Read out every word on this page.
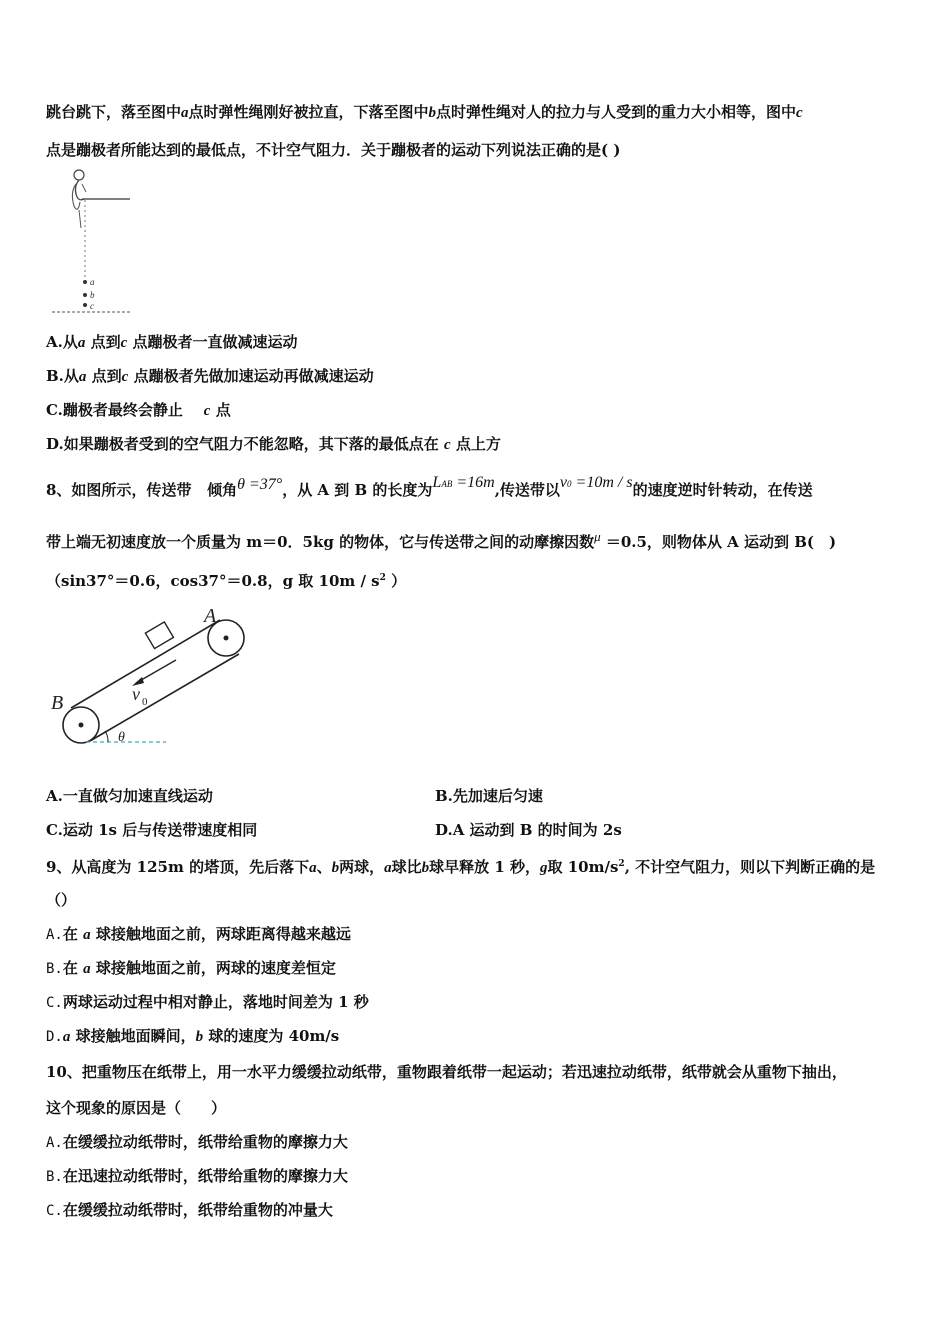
跳台跳下，落至图中a点时弹性绳刚好被拉直，下落至图中b点时弹性绳对人的拉力与人受到的重力大小相等，图中c
点是蹦极者所能达到的最低点，不计空气阻力．关于蹦极者的运动下列说法正确的是( )
a
b
c
A.从a 点到c 点蹦极者一直做减速运动
B.从a 点到c 点蹦极者先做加速运动再做减速运动
C.蹦极者最终会静止 c 点
D.如果蹦极者受到的空气阻力不能忽略，其下落的最低点在 c 点上方
8、如图所示，传送带 倾角θ =37°，从 A 到 B 的长度为LAB =16m,传送带以v0 =10m / s的速度逆时针转动，在传送
带上端无初速度放一个质量为 m＝0．5kg 的物体，它与传送带之间的动摩擦因数μ ＝0.5，则物体从 A 运动到 B(　)
（sin37°＝0.6，cos37°＝0.8，g 取 $10m / s^2$ ）
v 0
A
B
θ
A.一直做匀加速直线运动	B.先加速后匀速
C.运动 1s 后与传送带速度相同	D.A 运动到 B 的时间为 2s
9、从高度为 125m 的塔顶，先后落下a、b两球，a球比b球早释放 1 秒，g取 $10m/s^2$, 不计空气阻力，则以下判断正确的是
（）
A.在 a 球接触地面之前，两球距离得越来越远
B.在 a 球接触地面之前，两球的速度差恒定
C.两球运动过程中相对静止，落地时间差为 1 秒
D.a 球接触地面瞬间，b 球的速度为 40m/s
10、把重物压在纸带上，用一水平力缓缓拉动纸带，重物跟着纸带一起运动；若迅速拉动纸带，纸带就会从重物下抽出，
这个现象的原因是（　　）
A.在缓缓拉动纸带时，纸带给重物的摩擦力大
B.在迅速拉动纸带时，纸带给重物的摩擦力大
C.在缓缓拉动纸带时，纸带给重物的冲量大
